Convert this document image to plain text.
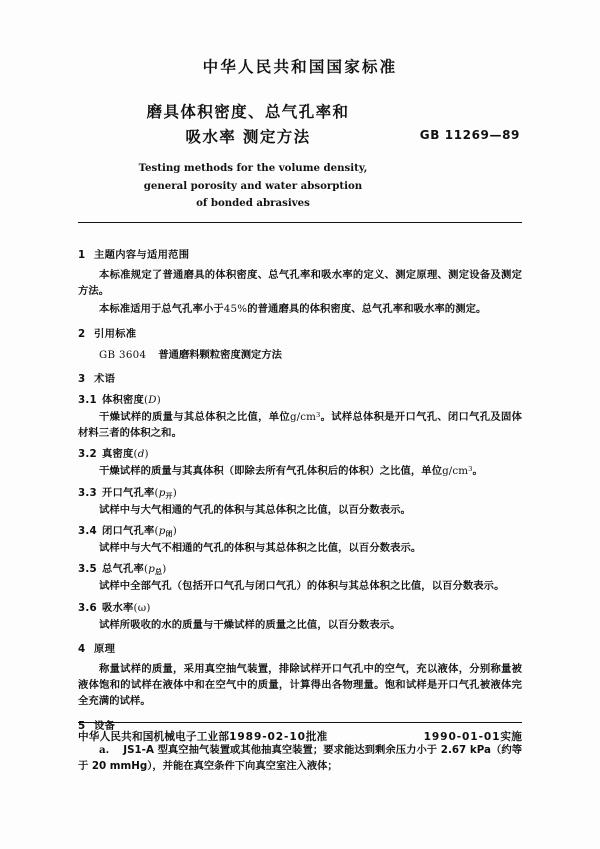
中华人民共和国国家标准
磨具体积密度、总气孔率和
吸水率 测定方法	GB 11269—89
Testing methods for the volume density,
general porosity and water absorption
of bonded abrasives
1 主题内容与适用范围

本标准规定了普通磨具的体积密度、总气孔率和吸水率的定义、测定原理、测定设备及测定方法。

本标准适用于总气孔率小于45%的普通磨具的体积密度、总气孔率和吸水率的测定。

2 引用标准

GB 3604 普通磨料颗粒密度测定方法

3 术语
3.1 体积密度(D)

干燥试样的质量与其总体积之比值，单位$g/cm^3$。试样总体积是开口气孔、闭口气孔及固体材料三者的体积之和。

3.2 真密度(d)

干燥试样的质量与其真体积（即除去所有气孔体积后的体积）之比值，单位$g/cm^3$。

3.3 开口气孔率$(p_开)$

试样中与大气相通的气孔的体积与其总体积之比值，以百分数表示。

3.4 闭口气孔率$(p_闭)$

试样中与大气不相通的气孔的体积与其总体积之比值，以百分数表示。

3.5 总气孔率$(p_总)$

试样中全部气孔（包括开口气孔与闭口气孔）的体积与其总体积之比值，以百分数表示。

3.6 吸水率(ω)

试样所吸收的水的质量与干燥试样的质量之比值，以百分数表示。

4 原理

称量试样的质量，采用真空抽气装置，排除试样开口气孔中的空气，充以液体，分别称量被液体饱和的试样在液体中和在空气中的质量，计算得出各物理量。饱和试样是开口气孔被液体完全充满的试样。

5 设备

a. JS1-A 型真空抽气装置或其他抽真空装置；要求能达到剩余压力小于 2.67 kPa（约等于 20 mmHg），并能在真空条件下向真空室注入液体；

中华人民共和国机械电子工业部1989-02-10批准	1990-01-01实施
